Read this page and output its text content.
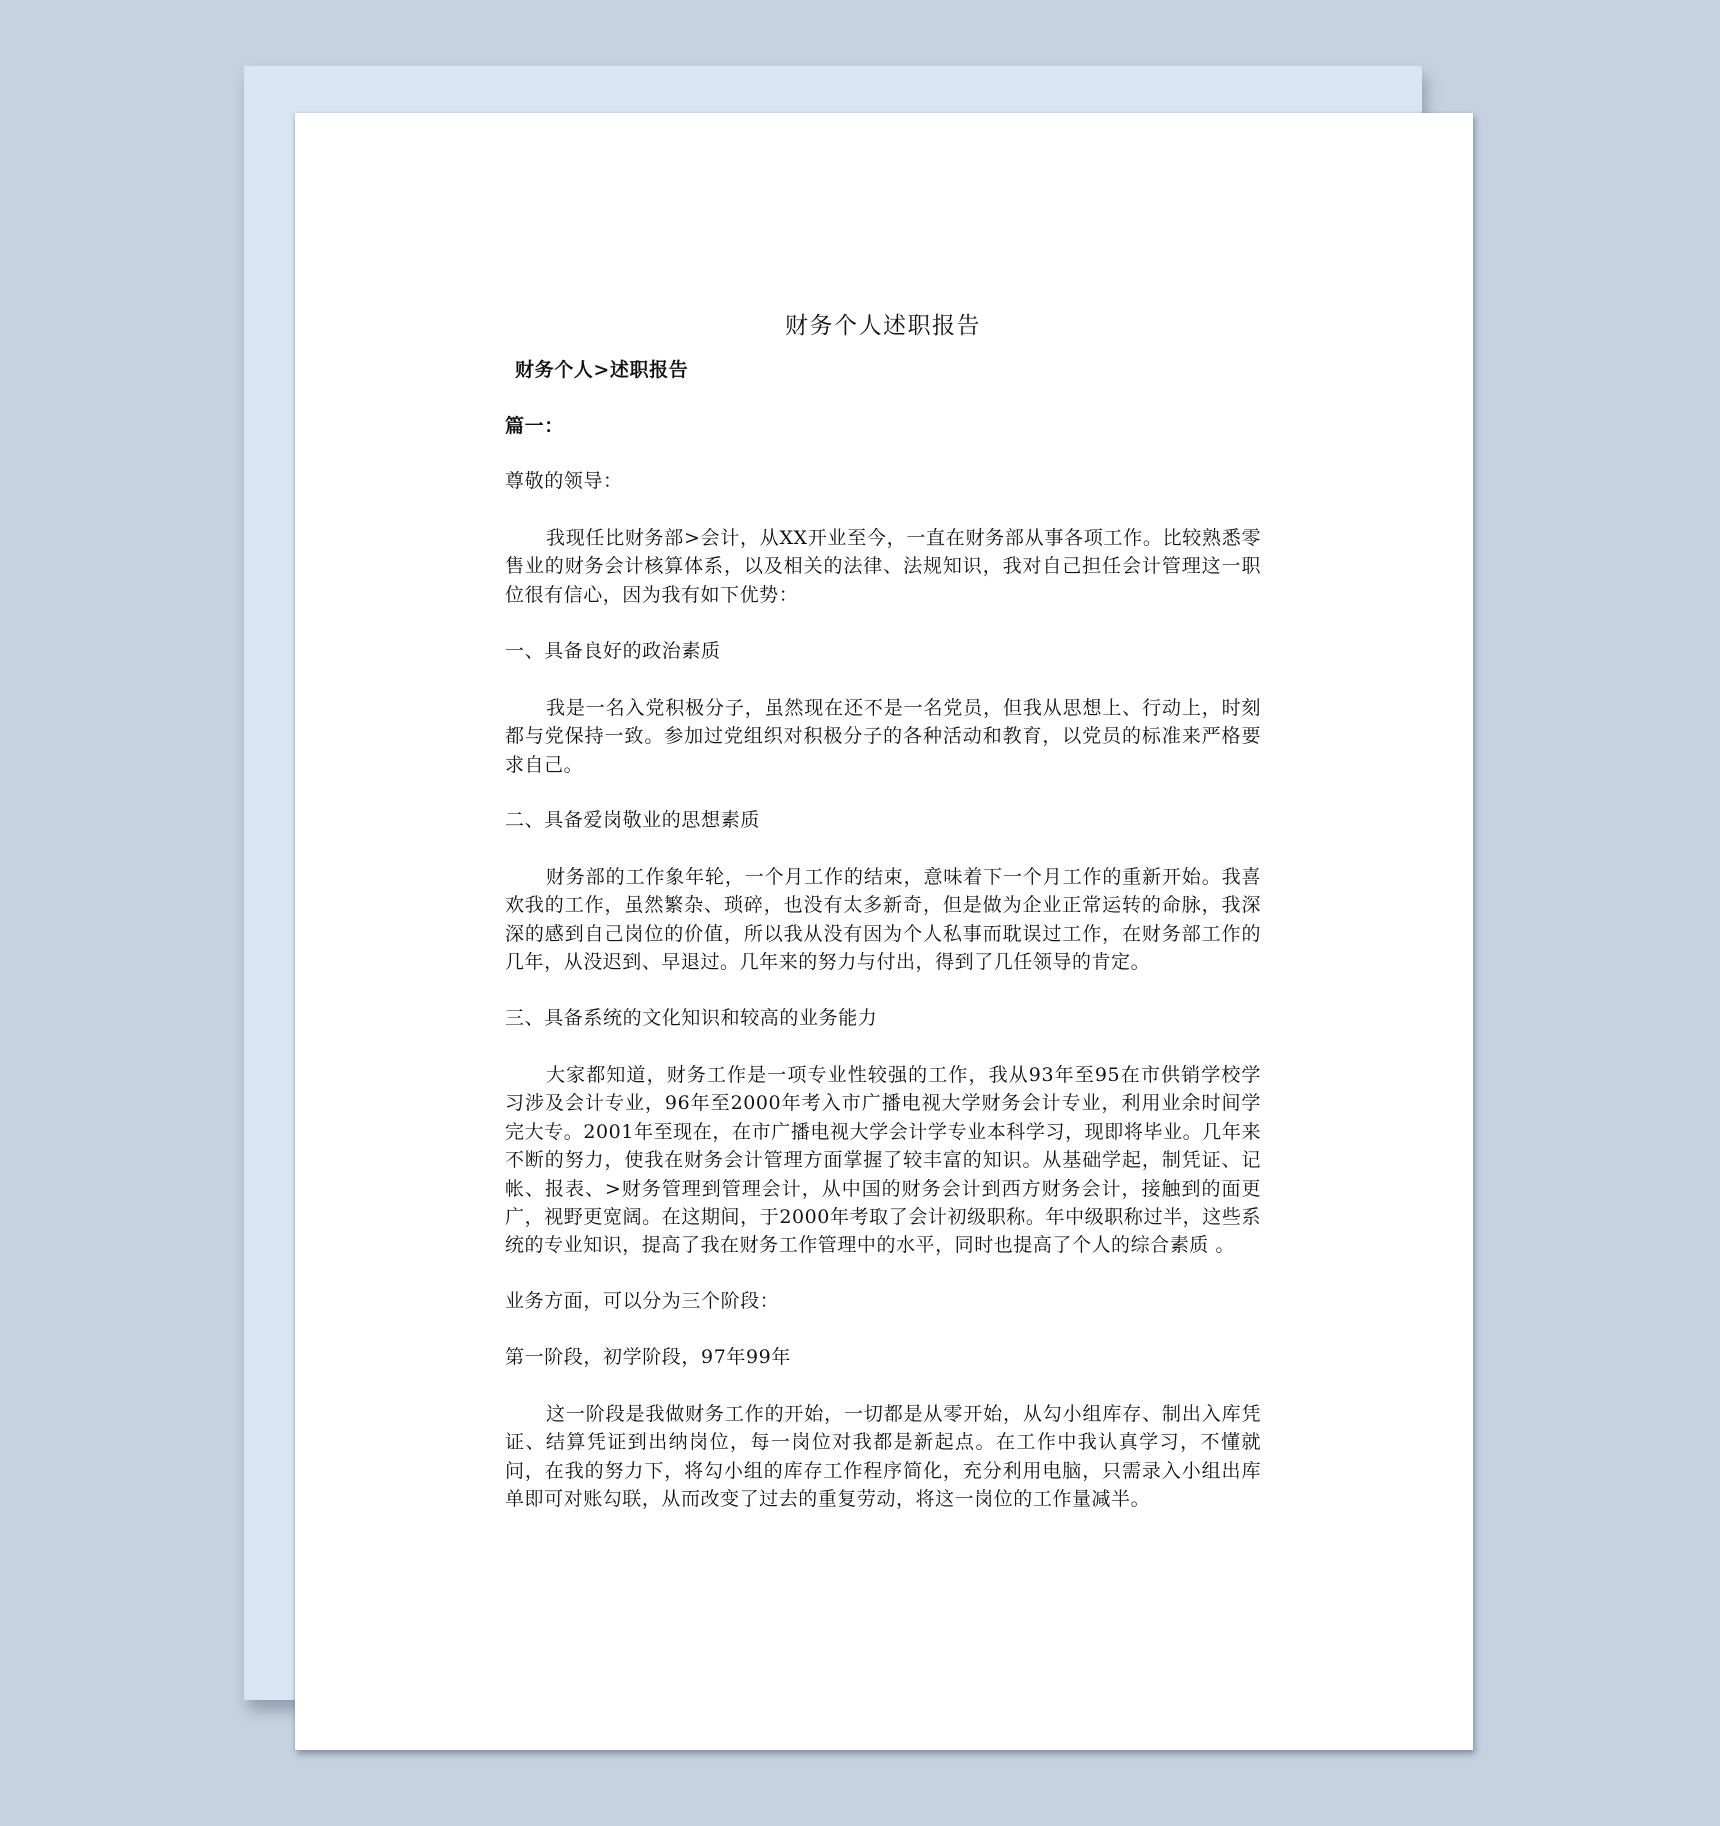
财务个人述职报告
财务个人>述职报告
篇一：
尊敬的领导：
我现任比财务部>会计，从XX开业至今，一直在财务部从事各项工作。比较熟悉零售业的财务会计核算体系，以及相关的法律、法规知识，我对自己担任会计管理这一职位很有信心，因为我有如下优势：
一、具备良好的政治素质
我是一名入党积极分子，虽然现在还不是一名党员，但我从思想上、行动上，时刻都与党保持一致。参加过党组织对积极分子的各种活动和教育，以党员的标准来严格要求自己。
二、具备爱岗敬业的思想素质
财务部的工作象年轮，一个月工作的结束，意味着下一个月工作的重新开始。我喜欢我的工作，虽然繁杂、琐碎，也没有太多新奇，但是做为企业正常运转的命脉，我深深的感到自己岗位的价值，所以我从没有因为个人私事而耽误过工作，在财务部工作的几年，从没迟到、早退过。几年来的努力与付出，得到了几任领导的肯定。
三、具备系统的文化知识和较高的业务能力
大家都知道，财务工作是一项专业性较强的工作，我从93年至95在市供销学校学习涉及会计专业，96年至2000年考入市广播电视大学财务会计专业，利用业余时间学完大专。2001年至现在，在市广播电视大学会计学专业本科学习，现即将毕业。几年来不断的努力，使我在财务会计管理方面掌握了较丰富的知识。从基础学起，制凭证、记帐、报表、>财务管理到管理会计，从中国的财务会计到西方财务会计，接触到的面更广，视野更宽阔。在这期间，于2000年考取了会计初级职称。年中级职称过半，这些系统的专业知识，提高了我在财务工作管理中的水平，同时也提高了个人的综合素质 。
业务方面，可以分为三个阶段：
第一阶段，初学阶段，97年99年
这一阶段是我做财务工作的开始，一切都是从零开始，从勾小组库存、制出入库凭证、结算凭证到出纳岗位，每一岗位对我都是新起点。在工作中我认真学习，不懂就问，在我的努力下，将勾小组的库存工作程序简化，充分利用电脑，只需录入小组出库单即可对账勾联，从而改变了过去的重复劳动，将这一岗位的工作量减半。
